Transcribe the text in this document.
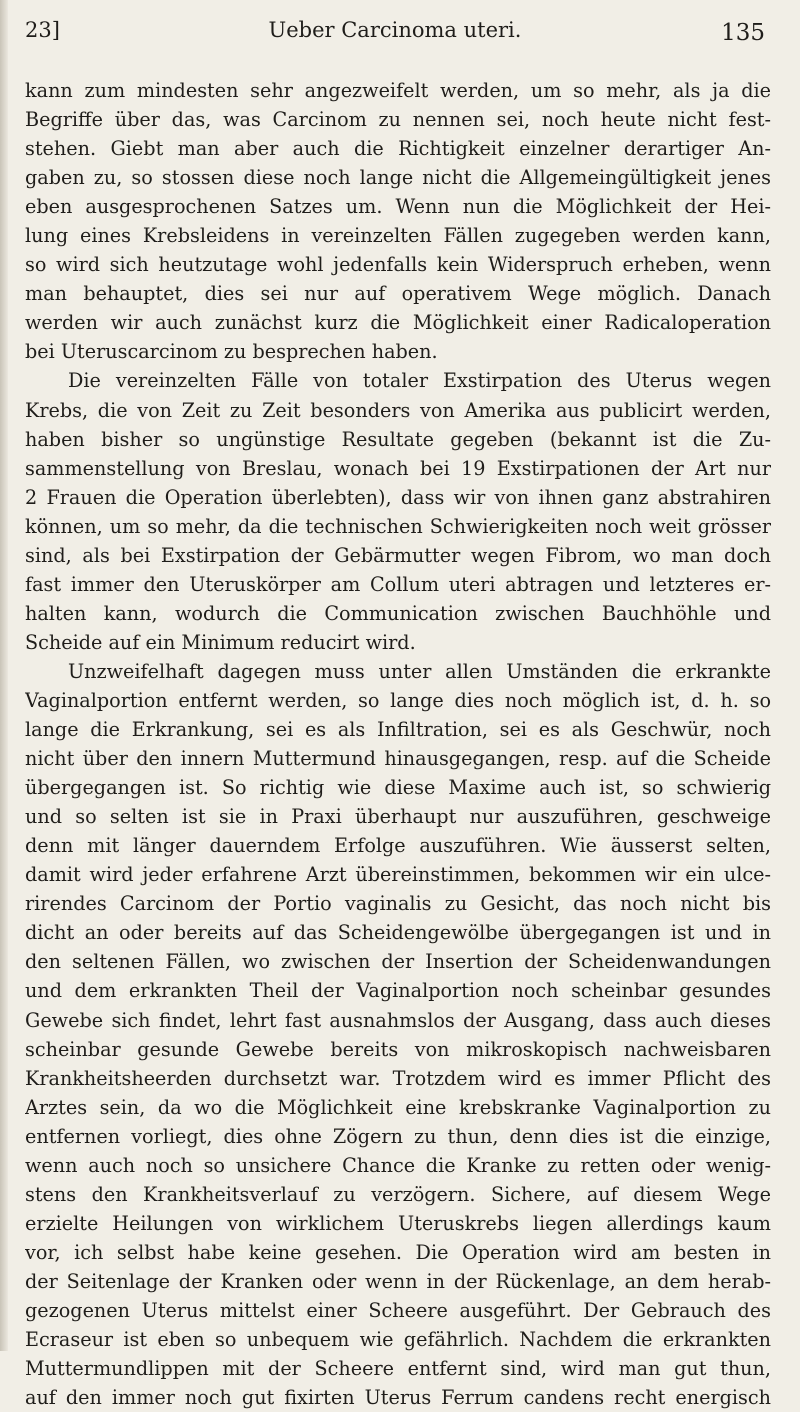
23]	Ueber Carcinoma uteri.	135
kann zum mindesten sehr angezweifelt werden, um so mehr, als ja die
Begriffe über das, was Carcinom zu nennen sei, noch heute nicht fest-
stehen. Giebt man aber auch die Richtigkeit einzelner derartiger An-
gaben zu, so stossen diese noch lange nicht die Allgemeingültigkeit jenes
eben ausgesprochenen Satzes um. Wenn nun die Möglichkeit der Hei-
lung eines Krebsleidens in vereinzelten Fällen zugegeben werden kann,
so wird sich heutzutage wohl jedenfalls kein Widerspruch erheben, wenn
man behauptet, dies sei nur auf operativem Wege möglich. Danach
werden wir auch zunächst kurz die Möglichkeit einer Radicaloperation
bei Uteruscarcinom zu besprechen haben.
Die vereinzelten Fälle von totaler Exstirpation des Uterus wegen
Krebs, die von Zeit zu Zeit besonders von Amerika aus publicirt werden,
haben bisher so ungünstige Resultate gegeben (bekannt ist die Zu-
sammenstellung von Breslau, wonach bei 19 Exstirpationen der Art nur
2 Frauen die Operation überlebten), dass wir von ihnen ganz abstrahiren
können, um so mehr, da die technischen Schwierigkeiten noch weit grösser
sind, als bei Exstirpation der Gebärmutter wegen Fibrom, wo man doch
fast immer den Uteruskörper am Collum uteri abtragen und letzteres er-
halten kann, wodurch die Communication zwischen Bauchhöhle und
Scheide auf ein Minimum reducirt wird.
Unzweifelhaft dagegen muss unter allen Umständen die erkrankte
Vaginalportion entfernt werden, so lange dies noch möglich ist, d. h. so
lange die Erkrankung, sei es als Infiltration, sei es als Geschwür, noch
nicht über den innern Muttermund hinausgegangen, resp. auf die Scheide
übergegangen ist. So richtig wie diese Maxime auch ist, so schwierig
und so selten ist sie in Praxi überhaupt nur auszuführen, geschweige
denn mit länger dauerndem Erfolge auszuführen. Wie äusserst selten,
damit wird jeder erfahrene Arzt übereinstimmen, bekommen wir ein ulce-
rirendes Carcinom der Portio vaginalis zu Gesicht, das noch nicht bis
dicht an oder bereits auf das Scheidengewölbe übergegangen ist und in
den seltenen Fällen, wo zwischen der Insertion der Scheidenwandungen
und dem erkrankten Theil der Vaginalportion noch scheinbar gesundes
Gewebe sich findet, lehrt fast ausnahmslos der Ausgang, dass auch dieses
scheinbar gesunde Gewebe bereits von mikroskopisch nachweisbaren
Krankheitsheerden durchsetzt war. Trotzdem wird es immer Pflicht des
Arztes sein, da wo die Möglichkeit eine krebskranke Vaginalportion zu
entfernen vorliegt, dies ohne Zögern zu thun, denn dies ist die einzige,
wenn auch noch so unsichere Chance die Kranke zu retten oder wenig-
stens den Krankheitsverlauf zu verzögern. Sichere, auf diesem Wege
erzielte Heilungen von wirklichem Uteruskrebs liegen allerdings kaum
vor, ich selbst habe keine gesehen. Die Operation wird am besten in
der Seitenlage der Kranken oder wenn in der Rückenlage, an dem herab-
gezogenen Uterus mittelst einer Scheere ausgeführt. Der Gebrauch des
Ecraseur ist eben so unbequem wie gefährlich. Nachdem die erkrankten
Muttermundlippen mit der Scheere entfernt sind, wird man gut thun,
auf den immer noch gut fixirten Uterus Ferrum candens recht energisch
